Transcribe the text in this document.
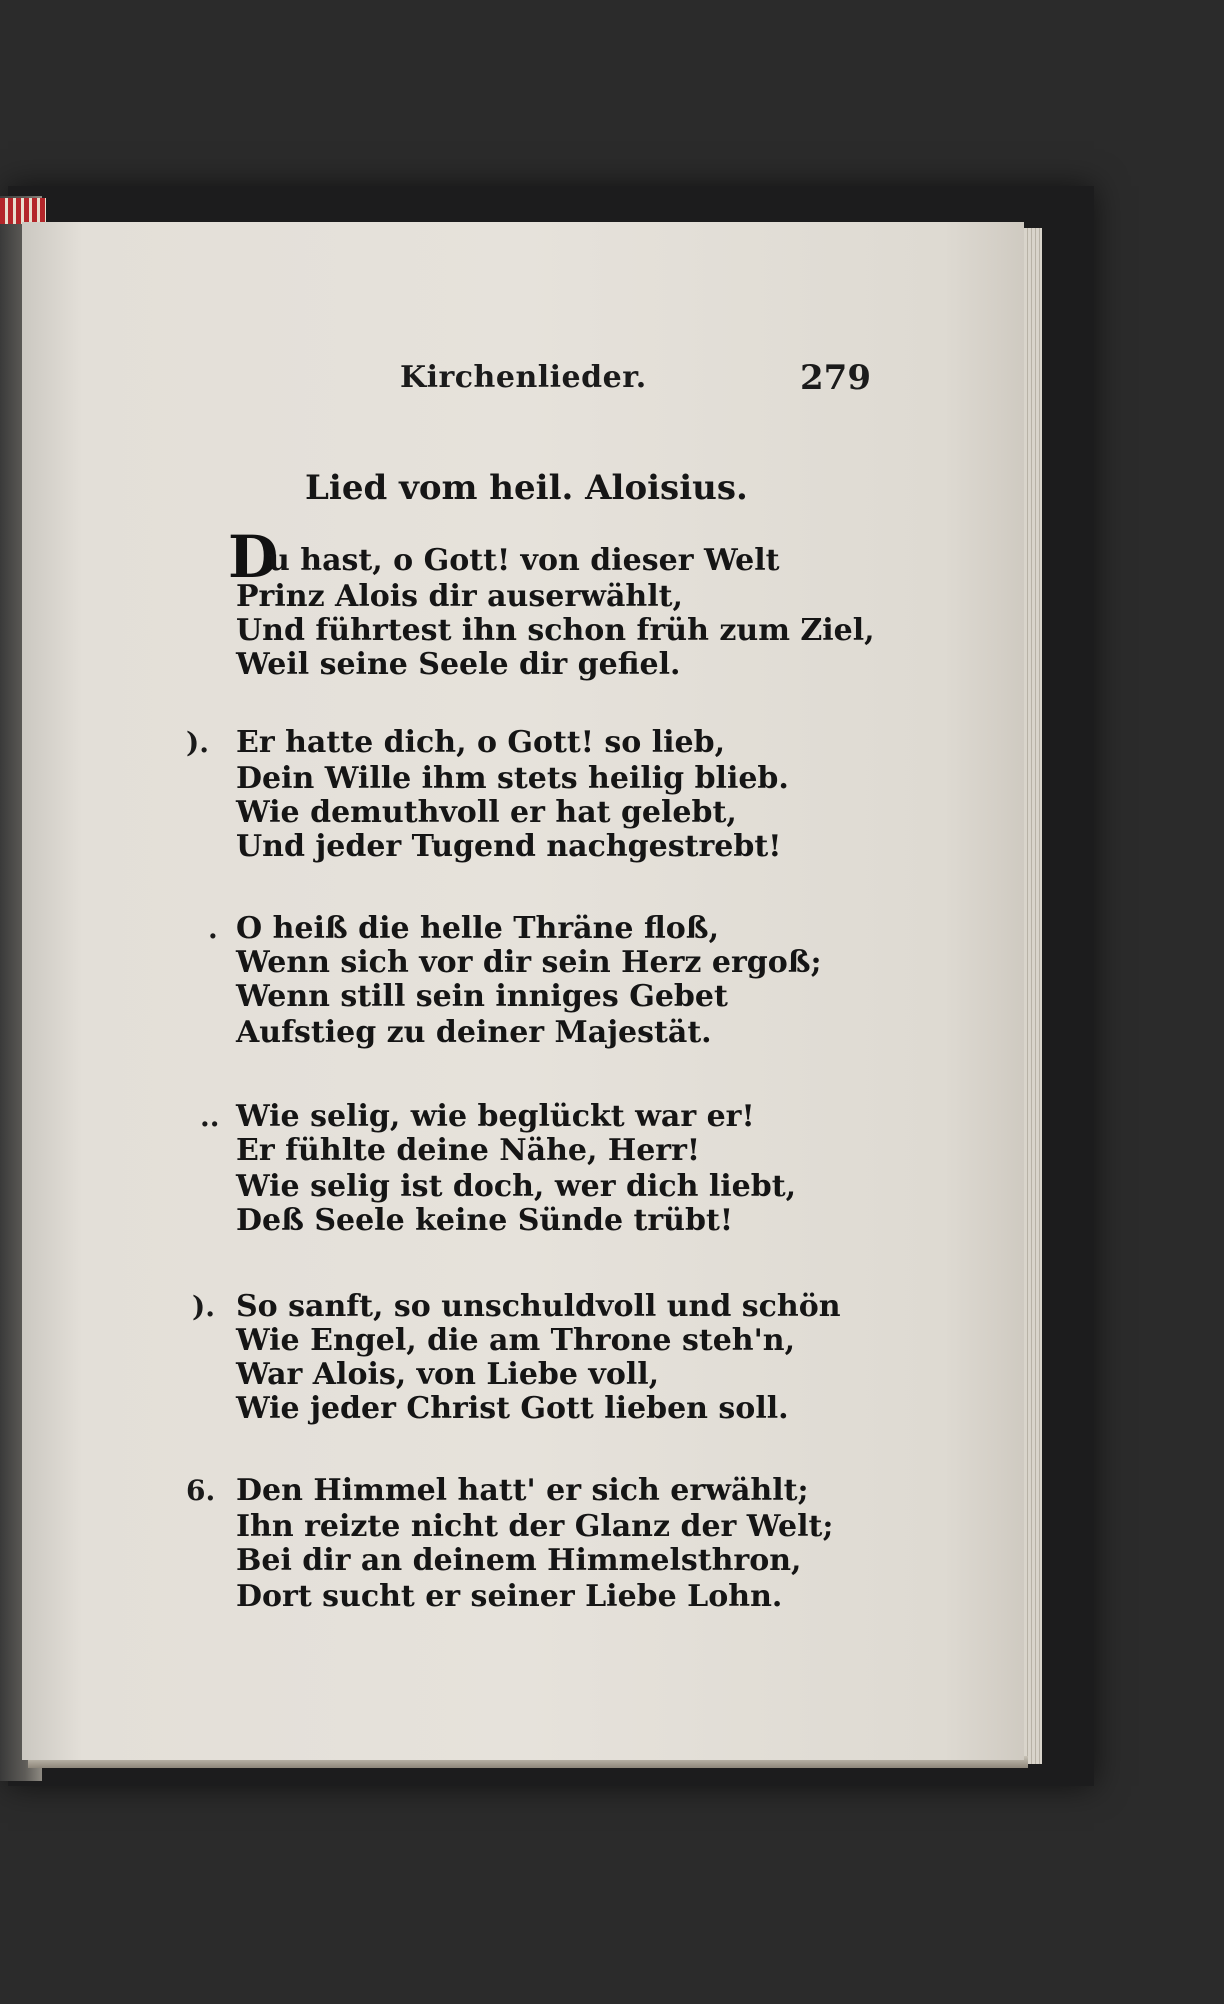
Kirchenlieder.	279
Lied vom heil. Aloisius.
D
u hast, o Gott! von dieser Welt
Prinz Alois dir auserwählt,
Und führtest ihn schon früh zum Ziel,
Weil seine Seele dir gefiel.
). Er hatte dich, o Gott! so lieb,
Dein Wille ihm stets heilig blieb.
Wie demuthvoll er hat gelebt,
Und jeder Tugend nachgestrebt!
. O heiß die helle Thräne floß,
Wenn sich vor dir sein Herz ergoß;
Wenn still sein inniges Gebet
Aufstieg zu deiner Majestät.
.. Wie selig, wie beglückt war er!
Er fühlte deine Nähe, Herr!
Wie selig ist doch, wer dich liebt,
Deß Seele keine Sünde trübt!
). So sanft, so unschuldvoll und schön
Wie Engel, die am Throne steh'n,
War Alois, von Liebe voll,
Wie jeder Christ Gott lieben soll.
6. Den Himmel hatt' er sich erwählt;
Ihn reizte nicht der Glanz der Welt;
Bei dir an deinem Himmelsthron,
Dort sucht er seiner Liebe Lohn.
